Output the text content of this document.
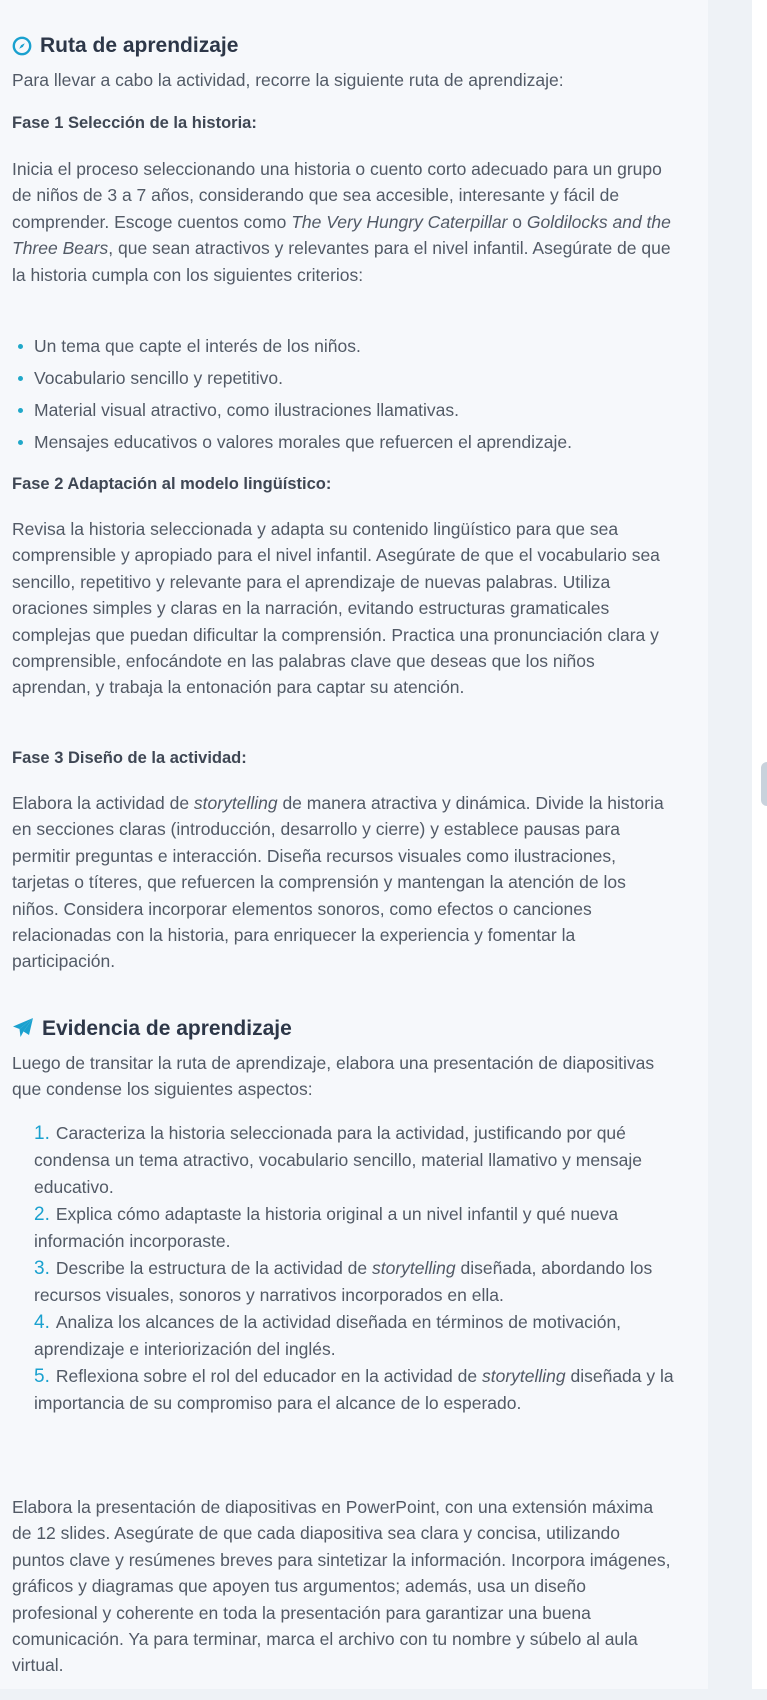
Ruta de aprendizaje

Para llevar a cabo la actividad, recorre la siguiente ruta de aprendizaje:

Fase 1 Selección de la historia:

Inicia el proceso seleccionando una historia o cuento corto adecuado para un grupo de niños de 3 a 7 años, considerando que sea accesible, interesante y fácil de comprender. Escoge cuentos como The Very Hungry Caterpillar o Goldilocks and the Three Bears, que sean atractivos y relevantes para el nivel infantil. Asegúrate de que la historia cumpla con los siguientes criterios:

Un tema que capte el interés de los niños.
Vocabulario sencillo y repetitivo.
Material visual atractivo, como ilustraciones llamativas.
Mensajes educativos o valores morales que refuercen el aprendizaje.
Fase 2 Adaptación al modelo lingüístico:

Revisa la historia seleccionada y adapta su contenido lingüístico para que sea comprensible y apropiado para el nivel infantil. Asegúrate de que el vocabulario sea sencillo, repetitivo y relevante para el aprendizaje de nuevas palabras. Utiliza oraciones simples y claras en la narración, evitando estructuras gramaticales complejas que puedan dificultar la comprensión. Practica una pronunciación clara y comprensible, enfocándote en las palabras clave que deseas que los niños aprendan, y trabaja la entonación para captar su atención.

Fase 3 Diseño de la actividad:

Elabora la actividad de storytelling de manera atractiva y dinámica. Divide la historia en secciones claras (introducción, desarrollo y cierre) y establece pausas para permitir preguntas e interacción. Diseña recursos visuales como ilustraciones, tarjetas o títeres, que refuercen la comprensión y mantengan la atención de los niños. Considera incorporar elementos sonoros, como efectos o canciones relacionadas con la historia, para enriquecer la experiencia y fomentar la participación.

Evidencia de aprendizaje

Luego de transitar la ruta de aprendizaje, elabora una presentación de diapositivas que condense los siguientes aspectos:

1. Caracteriza la historia seleccionada para la actividad, justificando por qué condensa un tema atractivo, vocabulario sencillo, material llamativo y mensaje educativo.
2. Explica cómo adaptaste la historia original a un nivel infantil y qué nueva información incorporaste.
3. Describe la estructura de la actividad de storytelling diseñada, abordando los recursos visuales, sonoros y narrativos incorporados en ella.
4. Analiza los alcances de la actividad diseñada en términos de motivación, aprendizaje e interiorización del inglés.
5. Reflexiona sobre el rol del educador en la actividad de storytelling diseñada y la importancia de su compromiso para el alcance de lo esperado.

Elabora la presentación de diapositivas en PowerPoint, con una extensión máxima de 12 slides. Asegúrate de que cada diapositiva sea clara y concisa, utilizando puntos clave y resúmenes breves para sintetizar la información. Incorpora imágenes, gráficos y diagramas que apoyen tus argumentos; además, usa un diseño profesional y coherente en toda la presentación para garantizar una buena comunicación. Ya para terminar, marca el archivo con tu nombre y súbelo al aula virtual.
